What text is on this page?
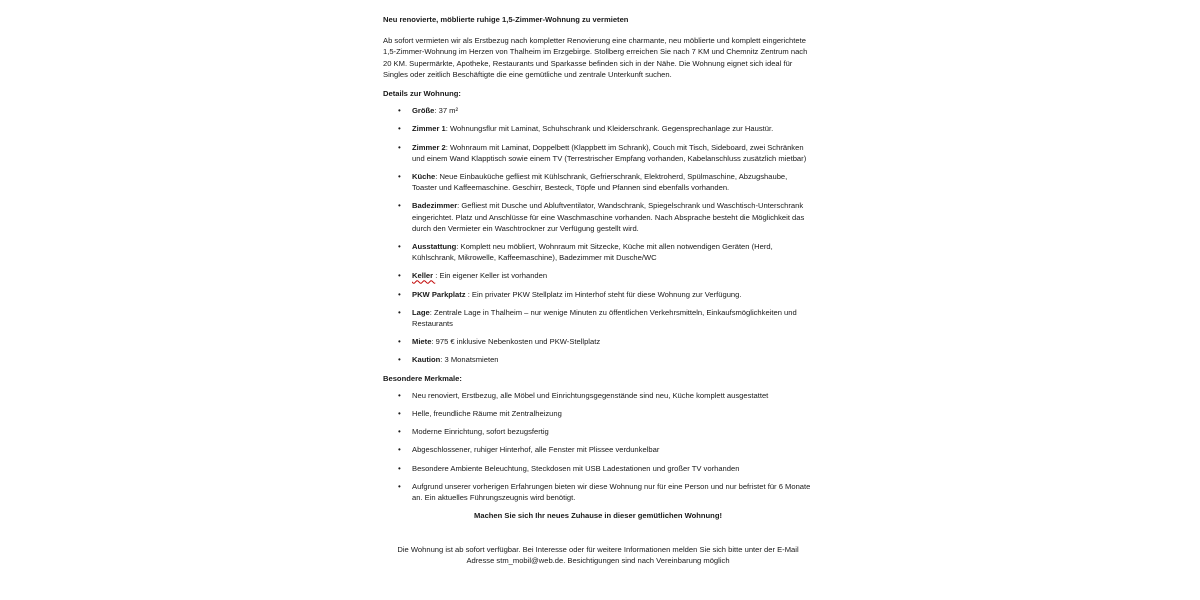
Neu renovierte, möblierte ruhige 1,5-Zimmer-Wohnung zu vermieten

Ab sofort vermieten wir als Erstbezug nach kompletter Renovierung eine charmante, neu möblierte und komplett eingerichtete 1,5-Zimmer-Wohnung im Herzen von Thalheim im Erzgebirge. Stollberg erreichen Sie nach 7 KM und Chemnitz Zentrum nach 20 KM. Supermärkte, Apotheke, Restaurants und Sparkasse befinden sich in der Nähe. Die Wohnung eignet sich ideal für Singles oder zeitlich Beschäftigte die eine gemütliche und zentrale Unterkunft suchen.

Details zur Wohnung:
• Größe: 37 m²
• Zimmer 1: Wohnungsflur mit Laminat, Schuhschrank und Kleiderschrank. Gegensprechanlage zur Haustür.
• Zimmer 2: Wohnraum mit Laminat, Doppelbett (Klappbett im Schrank), Couch mit Tisch, Sideboard, zwei Schränken und einem Wand Klapptisch sowie einem TV (Terrestrischer Empfang vorhanden, Kabelanschluss zusätzlich mietbar)
• Küche: Neue Einbauküche gefliest mit Kühlschrank, Gefrierschrank, Elektroherd, Spülmaschine, Abzugshaube, Toaster und Kaffeemaschine. Geschirr, Besteck, Töpfe und Pfannen sind ebenfalls vorhanden.
• Badezimmer: Gefliest mit Dusche und Abluftventilator, Wandschrank, Spiegelschrank und Waschtisch-Unterschrank eingerichtet. Platz und Anschlüsse für eine Waschmaschine vorhanden. Nach Absprache besteht die Möglichkeit das durch den Vermieter ein Waschtrockner zur Verfügung gestellt wird.
• Ausstattung: Komplett neu möbliert, Wohnraum mit Sitzecke, Küche mit allen notwendigen Geräten (Herd, Kühlschrank, Mikrowelle, Kaffeemaschine), Badezimmer mit Dusche/WC
• Keller : Ein eigener Keller ist vorhanden
• PKW Parkplatz : Ein privater PKW Stellplatz im Hinterhof steht für diese Wohnung zur Verfügung.
• Lage: Zentrale Lage in Thalheim – nur wenige Minuten zu öffentlichen Verkehrsmitteln, Einkaufsmöglichkeiten und Restaurants
• Miete: 975 € inklusive Nebenkosten und PKW-Stellplatz
• Kaution: 3 Monatsmieten
Besondere Merkmale:
• Neu renoviert, Erstbezug, alle Möbel und Einrichtungsgegenstände sind neu, Küche komplett ausgestattet
• Helle, freundliche Räume mit Zentralheizung
• Moderne Einrichtung, sofort bezugsfertig
• Abgeschlossener, ruhiger Hinterhof, alle Fenster mit Plissee verdunkelbar
• Besondere Ambiente Beleuchtung, Steckdosen mit USB Ladestationen und großer TV vorhanden
• Aufgrund unserer vorherigen Erfahrungen bieten wir diese Wohnung nur für eine Person und nur befristet für 6 Monate an. Ein aktuelles Führungszeugnis wird benötigt.
Machen Sie sich Ihr neues Zuhause in dieser gemütlichen Wohnung!

Die Wohnung ist ab sofort verfügbar. Bei Interesse oder für weitere Informationen melden Sie sich bitte unter der E-Mail Adresse stm_mobil@web.de. Besichtigungen sind nach Vereinbarung möglich
